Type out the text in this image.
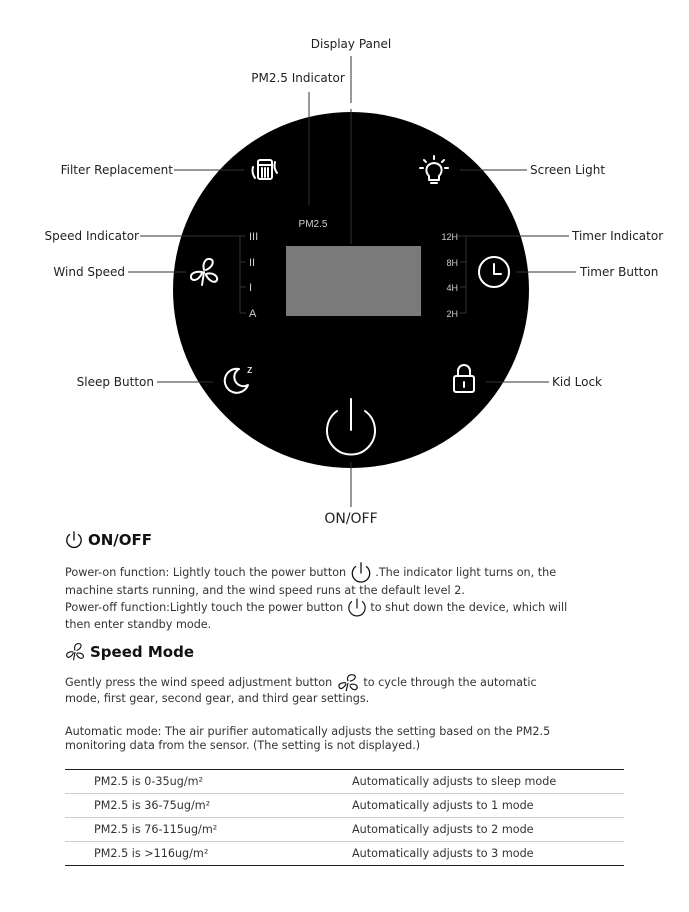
Display Panel
PM2.5 Indicator
Filter Replacement	Screen Light
Speed Indicator	Timer Indicator
Wind Speed	Timer Button
Sleep Button	Kid Lock
ON/OFF
PM2.5
III
II
I
A
12H
8H
4H
2H
z
ON/OFF
Power-on function: Lightly touch the power button	.The indicator light turns on, the
machine starts running, and the wind speed runs at the default level 2.
Power-off function:Lightly touch the power button to shut down the device, which will
then enter standby mode.
Speed Mode
Gently press the wind speed adjustment button	to cycle through the automatic
mode, first gear, second gear, and third gear settings.
Automatic mode: The air purifier automatically adjusts the setting based on the PM2.5
monitoring data from the sensor. (The setting is not displayed.)
PM2.5 is 0-35ug/m²	Automatically adjusts to sleep mode
PM2.5 is 36-75ug/m²	Automatically adjusts to 1 mode
PM2.5 is 76-115ug/m²	Automatically adjusts to 2 mode
PM2.5 is >116ug/m²	Automatically adjusts to 3 mode
